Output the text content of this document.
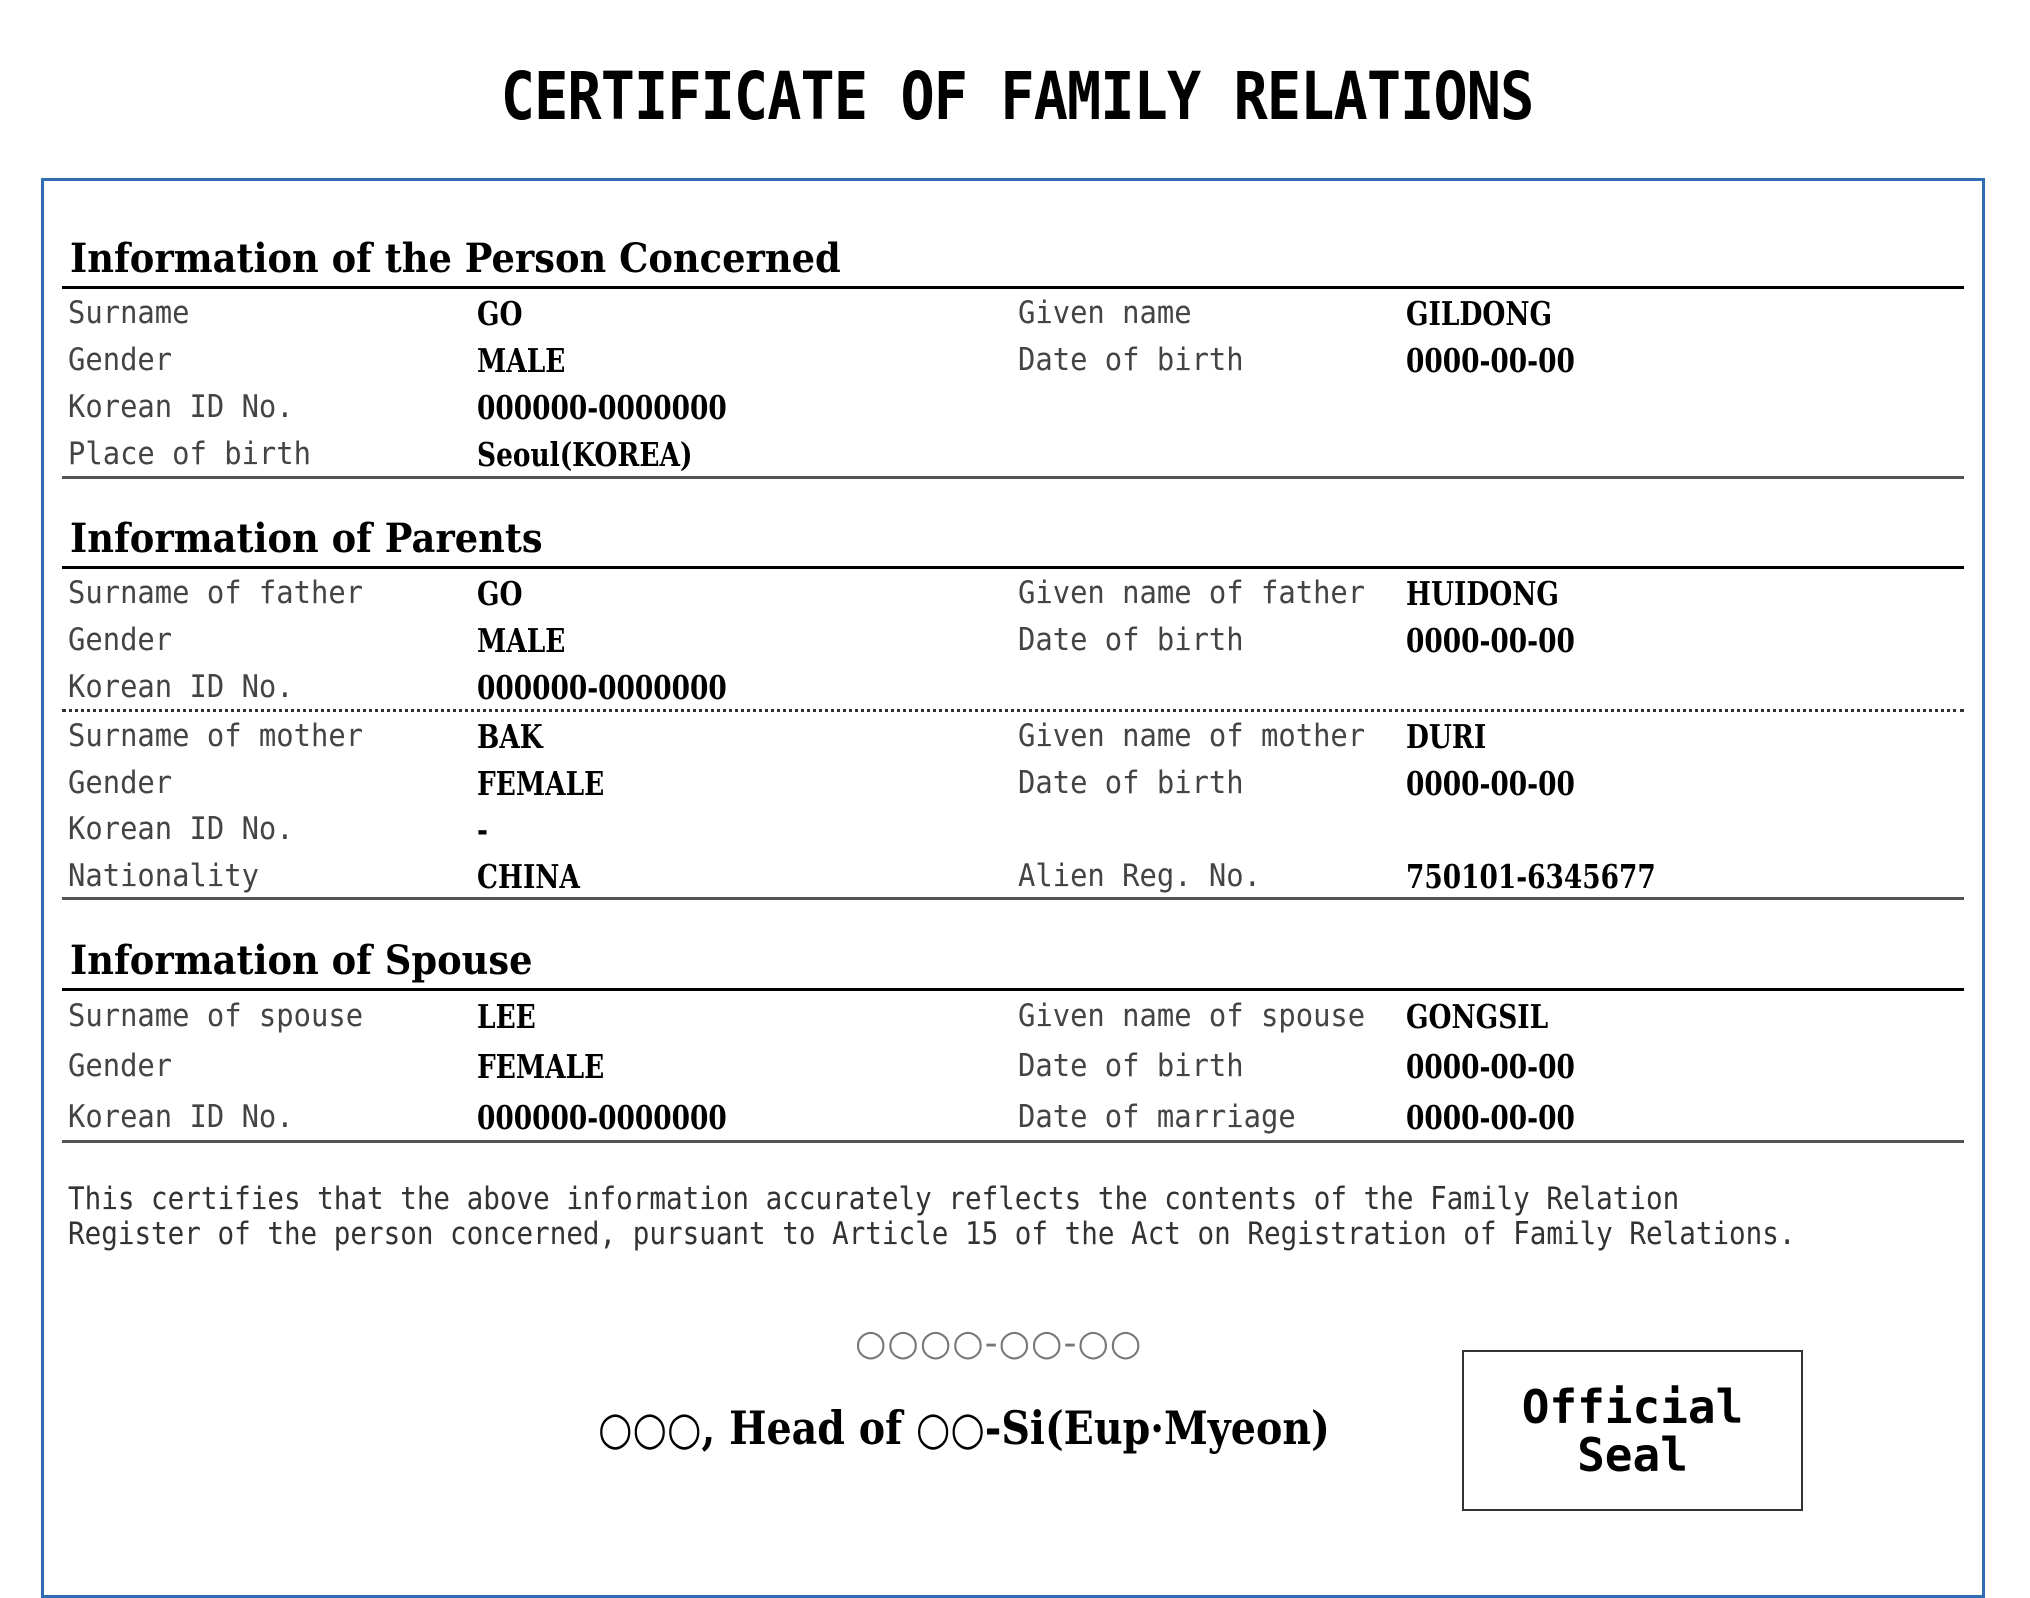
CERTIFICATE OF FAMILY RELATIONS
Information of the Person Concerned
Surname	GO	Given name	GILDONG
Gender	MALE	Date of birth	0000-00-00
Korean ID No.	000000-0000000
Place of birth	Seoul(KOREA)
Information of Parents
Surname of father	GO	Given name of father HUIDONG
Gender	MALE	Date of birth	0000-00-00
Korean ID No.	000000-0000000
Surname of mother	BAK	Given name of mother DURI
Gender	FEMALE	Date of birth	0000-00-00
Korean ID No.	-
Nationality	CHINA	Alien Reg. No.	750101-6345677
Information of Spouse
Surname of spouse	LEE	Given name of spouse GONGSIL
Gender	FEMALE	Date of birth	0000-00-00
Korean ID No.	000000-0000000	Date of marriage	0000-00-00

This certifies that the above information accurately reflects the contents of the Family Relation
Register of the person concerned, pursuant to Article 15 of the Act on Registration of Family Relations.

○○○○-○○-○○
○○○, Head of ○○-Si(Eup·Myeon)	Official
Seal
